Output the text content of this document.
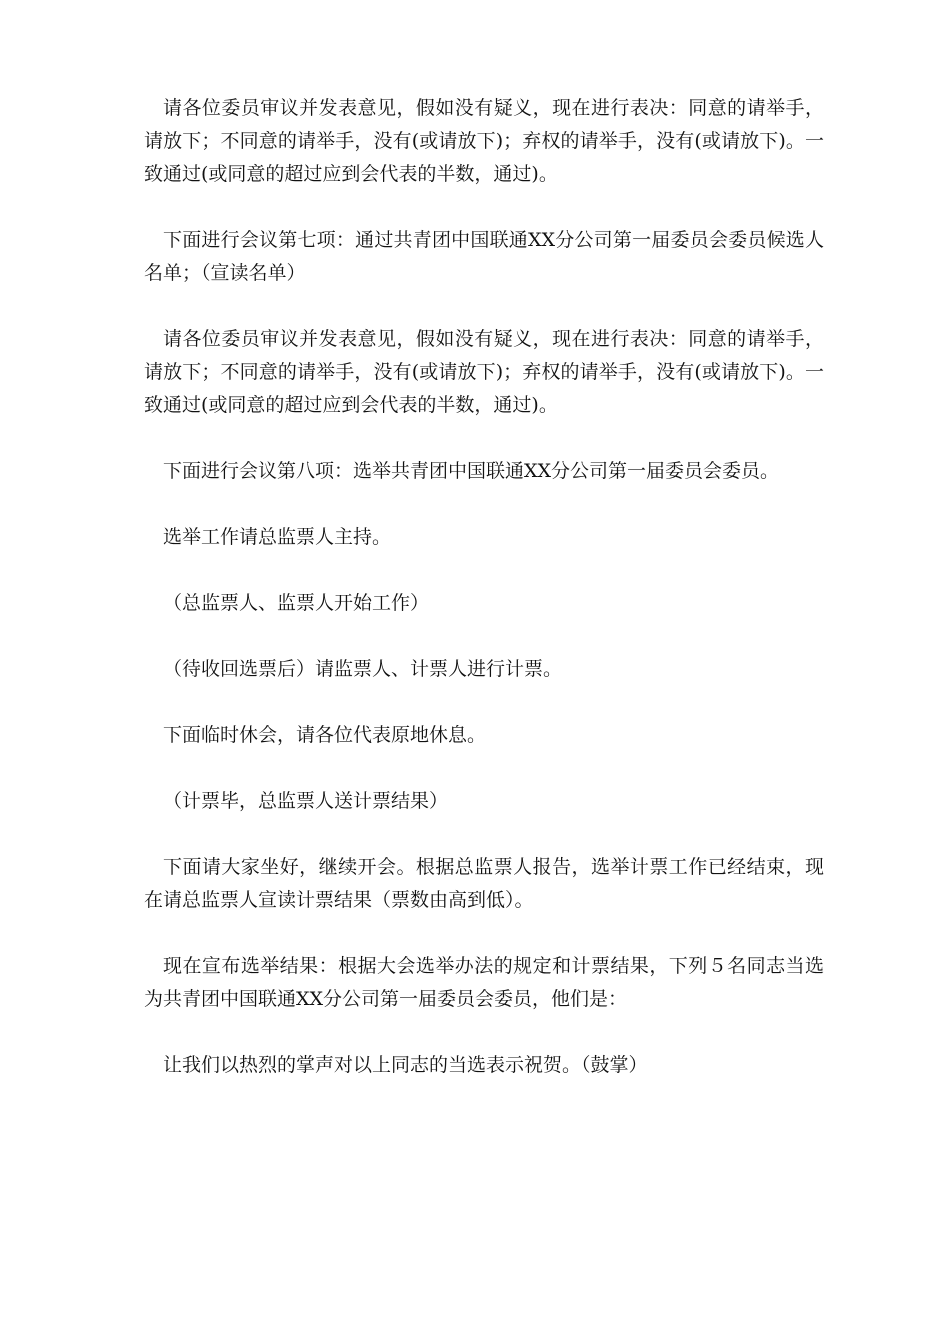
请各位委员审议并发表意见，假如没有疑义，现在进行表决：同意的请举手，请放下；不同意的请举手，没有(或请放下)；弃权的请举手，没有(或请放下)。一致通过(或同意的超过应到会代表的半数，通过)。

下面进行会议第七项：通过共青团中国联通XX分公司第一届委员会委员候选人名单；（宣读名单）

请各位委员审议并发表意见，假如没有疑义，现在进行表决：同意的请举手，请放下；不同意的请举手，没有(或请放下)；弃权的请举手，没有(或请放下)。一致通过(或同意的超过应到会代表的半数，通过)。

下面进行会议第八项：选举共青团中国联通XX分公司第一届委员会委员。

选举工作请总监票人主持。

（总监票人、监票人开始工作）

（待收回选票后）请监票人、计票人进行计票。

下面临时休会，请各位代表原地休息。

（计票毕，总监票人送计票结果）

下面请大家坐好，继续开会。根据总监票人报告，选举计票工作已经结束，现在请总监票人宣读计票结果（票数由高到低）。

现在宣布选举结果：根据大会选举办法的规定和计票结果，下列５名同志当选为共青团中国联通XX分公司第一届委员会委员，他们是：

让我们以热烈的掌声对以上同志的当选表示祝贺。（鼓掌）
